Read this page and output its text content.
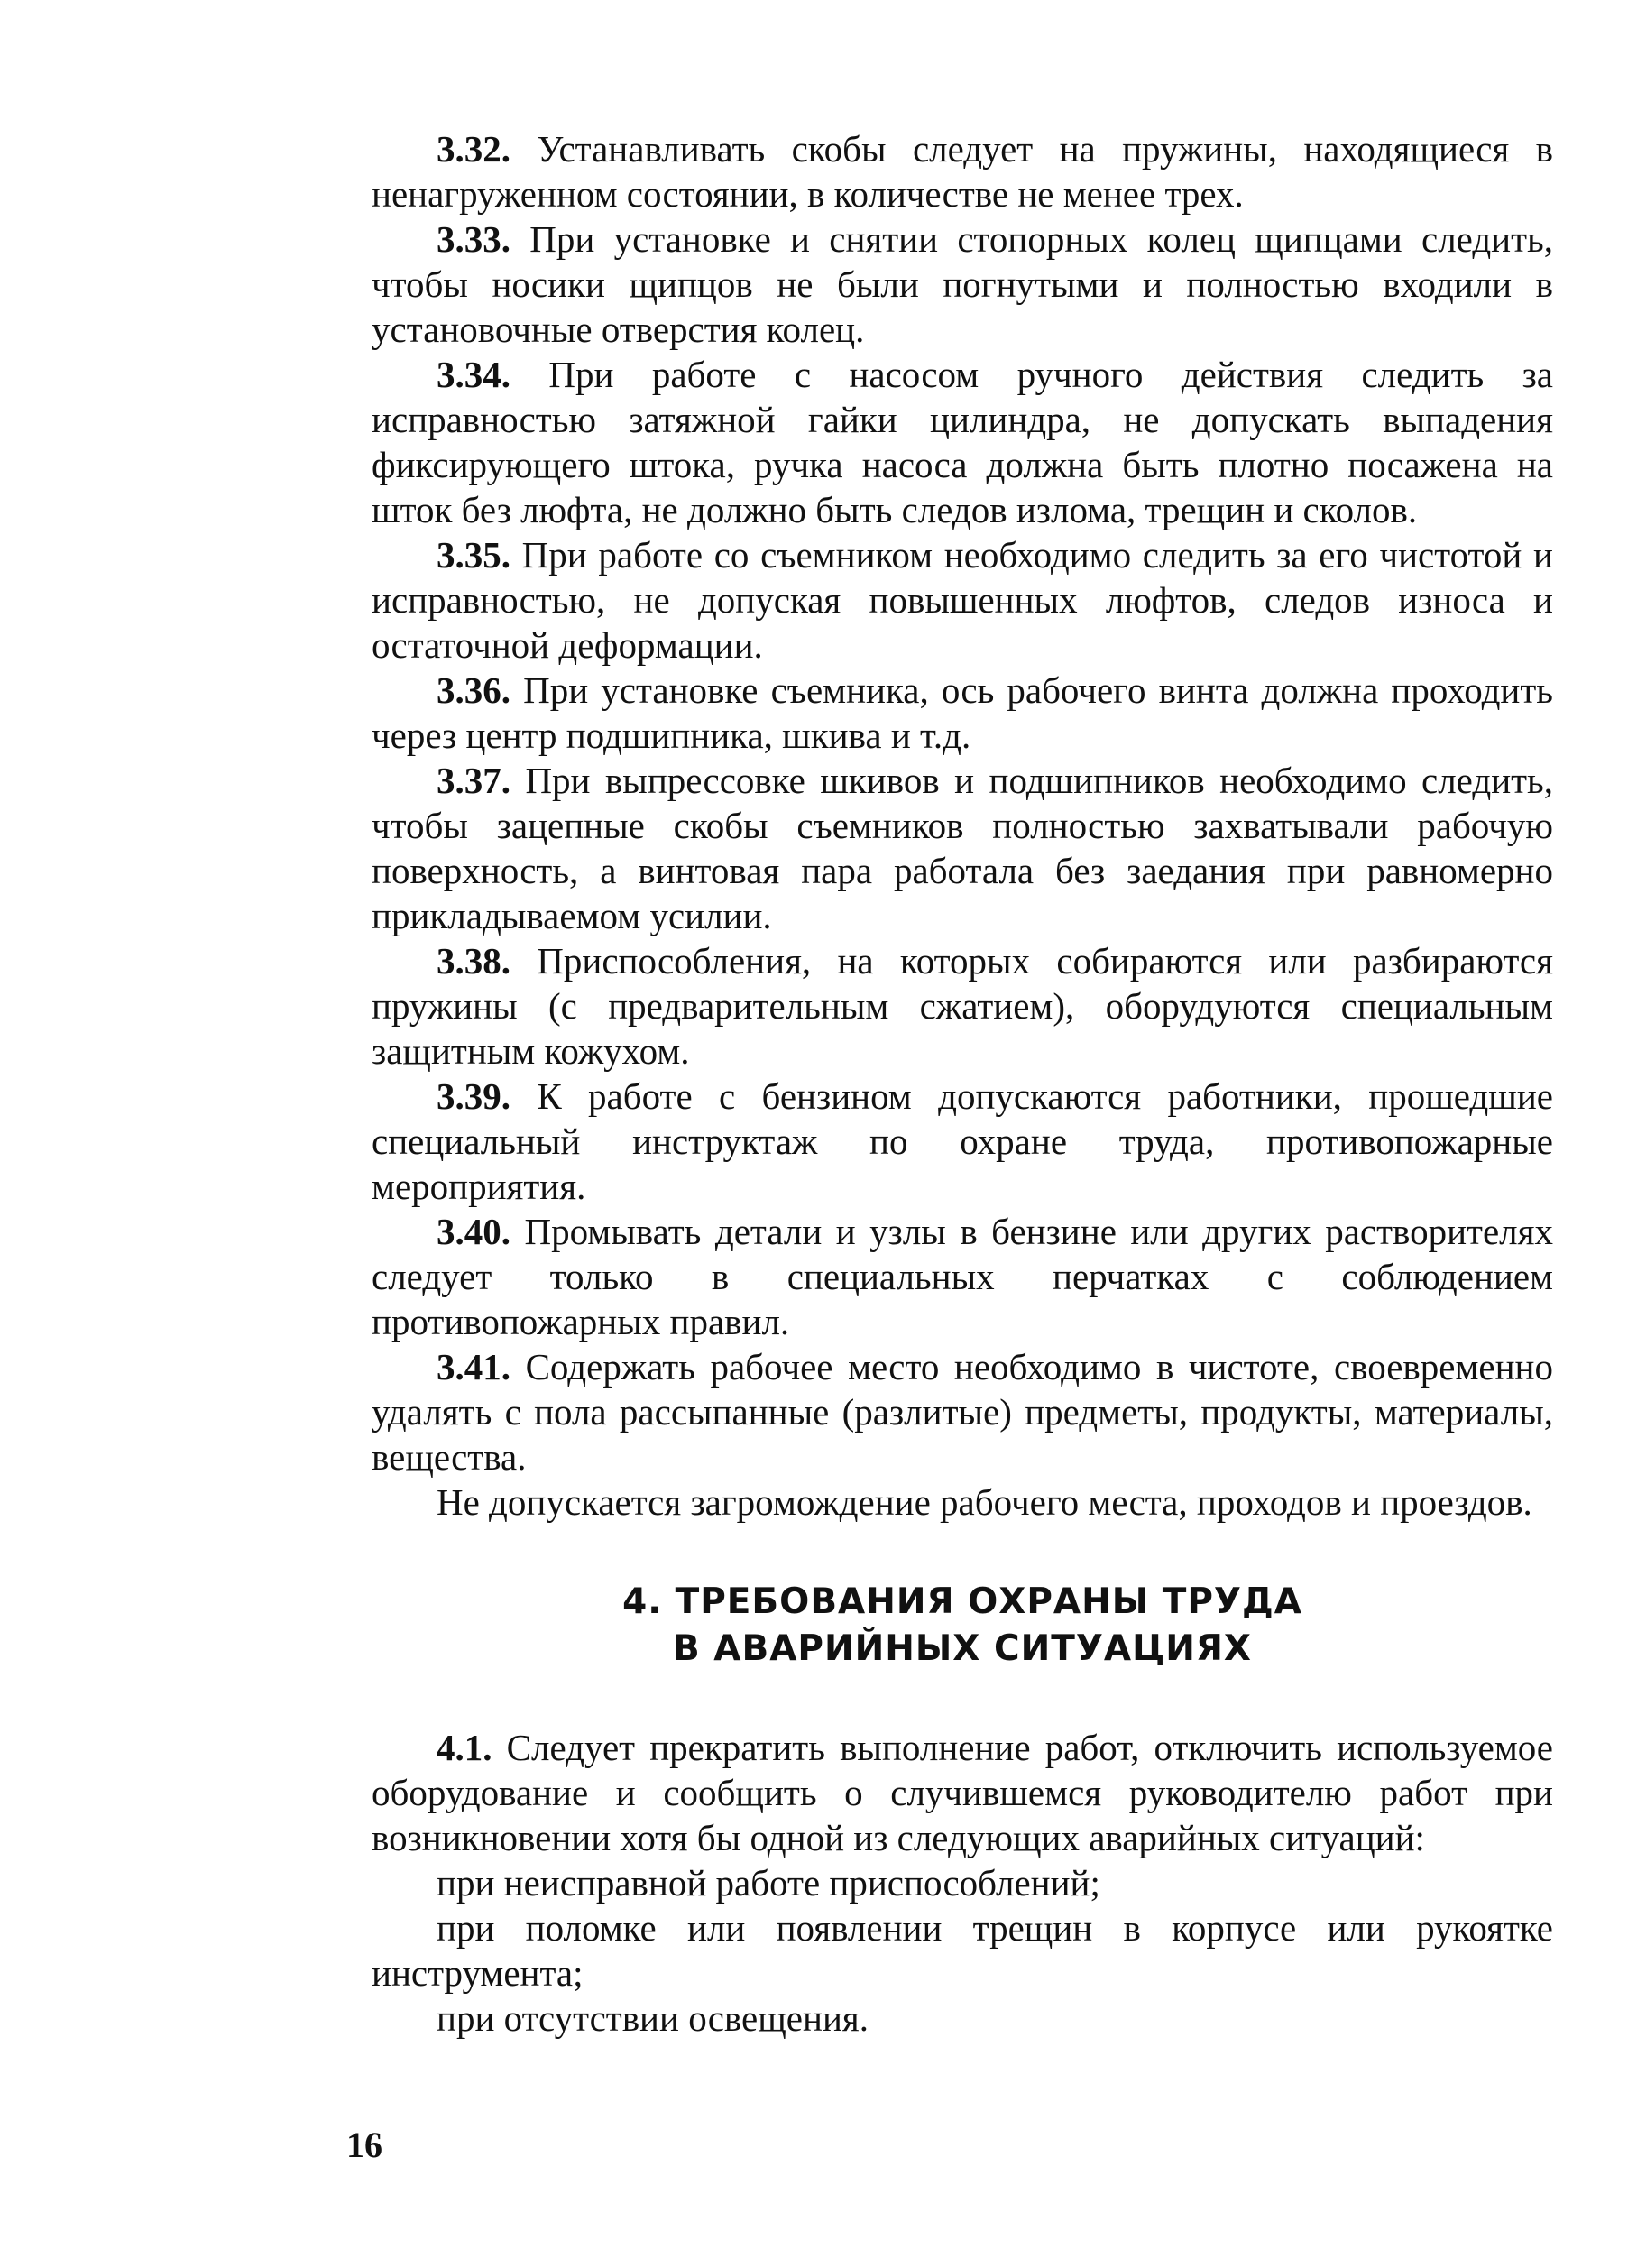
3.32. Устанавливать скобы следует на пружины, находящиеся в ненагруженном состоянии, в количестве не менее трех.

3.33. При установке и снятии стопорных колец щипцами следить, чтобы носики щипцов не были погнутыми и полностью входили в установочные отверстия колец.

3.34. При работе с насосом ручного действия следить за исправностью затяжной гайки цилиндра, не допускать выпадения фиксирующего штока, ручка насоса должна быть плотно посажена на шток без люфта, не должно быть следов излома, трещин и сколов.

3.35. При работе со съемником необходимо следить за его чистотой и исправностью, не допуская повышенных люфтов, следов износа и остаточной деформации.

3.36. При установке съемника, ось рабочего винта должна проходить через центр подшипника, шкива и т.д.

3.37. При выпрессовке шкивов и подшипников необходимо следить, чтобы зацепные скобы съемников полностью захватывали рабочую поверхность, а винтовая пара работала без заедания при равномерно прикладываемом усилии.

3.38. Приспособления, на которых собираются или разбираются пружины (с предварительным сжатием), оборудуются специальным защитным кожухом.

3.39. К работе с бензином допускаются работники, прошедшие специальный инструктаж по охране труда, противопожарные мероприятия.

3.40. Промывать детали и узлы в бензине или других растворителях следует только в специальных перчатках с соблюдением противопожарных правил.

3.41. Содержать рабочее место необходимо в чистоте, своевременно удалять с пола рассыпанные (разлитые) предметы, продукты, материалы, вещества.

Не допускается загромождение рабочего места, проходов и проездов.

4. ТРЕБОВАНИЯ ОХРАНЫ ТРУДА
В АВАРИЙНЫХ СИТУАЦИЯХ

4.1. Следует прекратить выполнение работ, отключить используемое оборудование и сообщить о случившемся руководителю работ при возникновении хотя бы одной из следующих аварийных ситуаций:

при неисправной работе приспособлений;

при поломке или появлении трещин в корпусе или рукоятке инструмента;

при отсутствии освещения.

16
